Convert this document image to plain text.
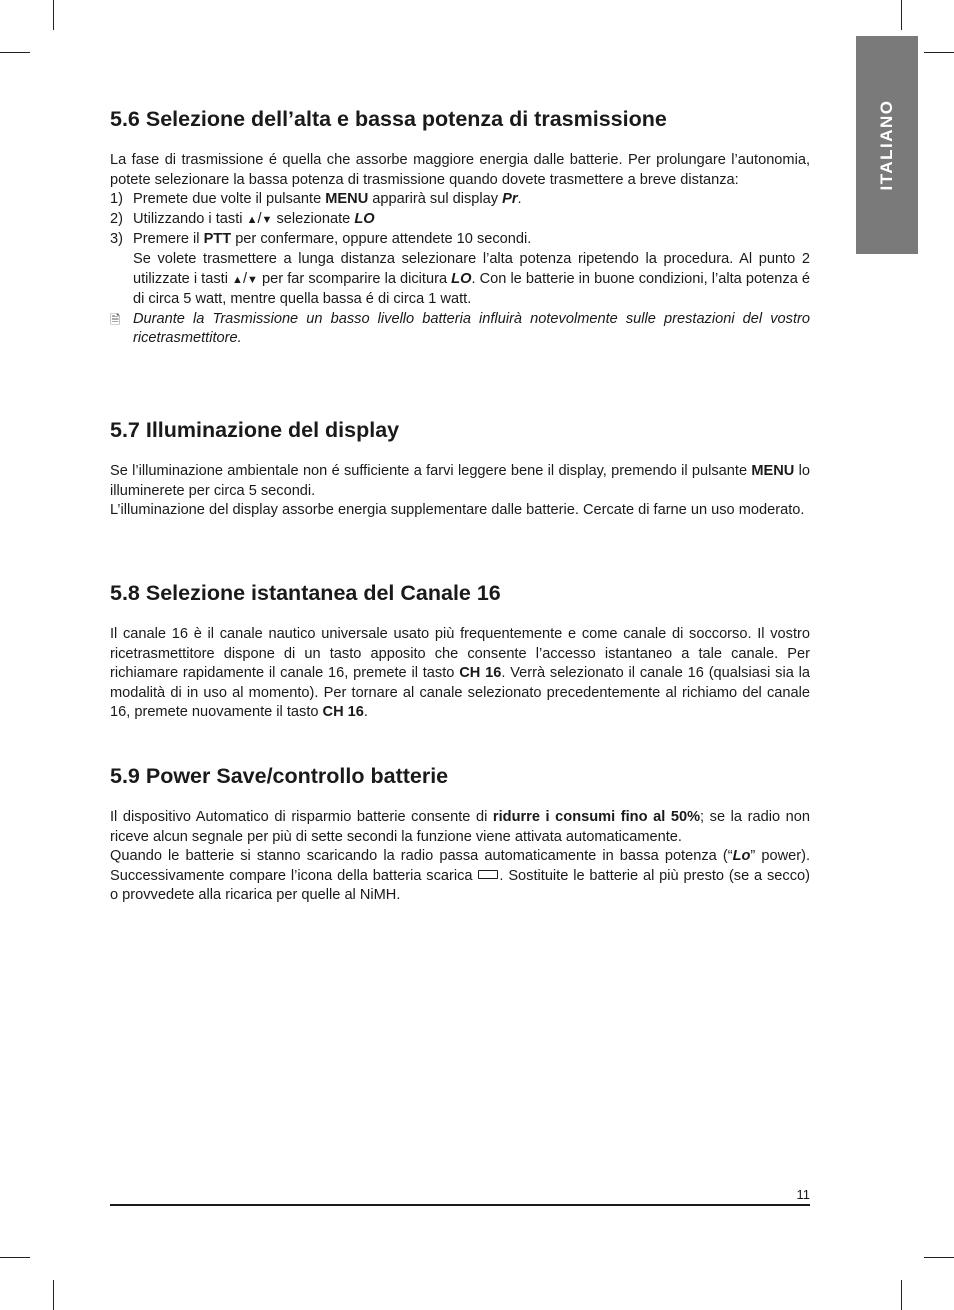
ITALIANO
5.6 Selezione dell’alta e bassa potenza di trasmissione

La fase di trasmissione é quella che assorbe maggiore energia dalle batterie. Per prolungare l’autonomia, potete selezionare la bassa potenza di trasmissione quando dovete trasmettere a breve distanza:

1) Premete due volte il pulsante MENU apparirà sul display Pr.
2) Utilizzando i tasti ▲/▼ selezionate LO
3) Premere il PTT per confermare, oppure attendete 10 secondi.
Se volete trasmettere a lunga distanza selezionare l’alta potenza ripetendo la procedura. Al punto 2 utilizzate i tasti ▲/▼ per far scomparire la dicitura LO. Con le batterie in buone condizioni, l’alta potenza é di circa 5 watt, mentre quella bassa é di circa 1 watt.
🗎 Durante la Trasmissione un basso livello batteria influirà notevolmente sulle prestazioni del vostro ricetrasmettitore.
5.7 Illuminazione del display

Se l’illuminazione ambientale non é sufficiente a farvi leggere bene il display, premendo il pulsante MENU lo illuminerete per circa 5 secondi.

L’illuminazione del display assorbe energia supplementare dalle batterie. Cercate di farne un uso moderato.

5.8 Selezione istantanea del Canale 16

Il canale 16 è il canale nautico universale usato più frequentemente e come canale di soccorso. Il vostro ricetrasmettitore dispone di un tasto apposito che consente l’accesso istantaneo a tale canale. Per richiamare rapidamente il canale 16, premete il tasto CH 16. Verrà selezionato il canale 16 (qualsiasi sia la modalità di in uso al momento). Per tornare al canale selezionato precedentemente al richiamo del canale 16, premete nuovamente il tasto CH 16.

5.9 Power Save/controllo batterie

Il dispositivo Automatico di risparmio batterie consente di ridurre i consumi fino al 50%; se la radio non riceve alcun segnale per più di sette secondi la funzione viene attivata automaticamente.

Quando le batterie si stanno scaricando la radio passa automaticamente in bassa potenza (“Lo” power). Successivamente compare l’icona della batteria scarica . Sostituite le batterie al più presto (se a secco) o provvedete alla ricarica per quelle al NiMH.

11
